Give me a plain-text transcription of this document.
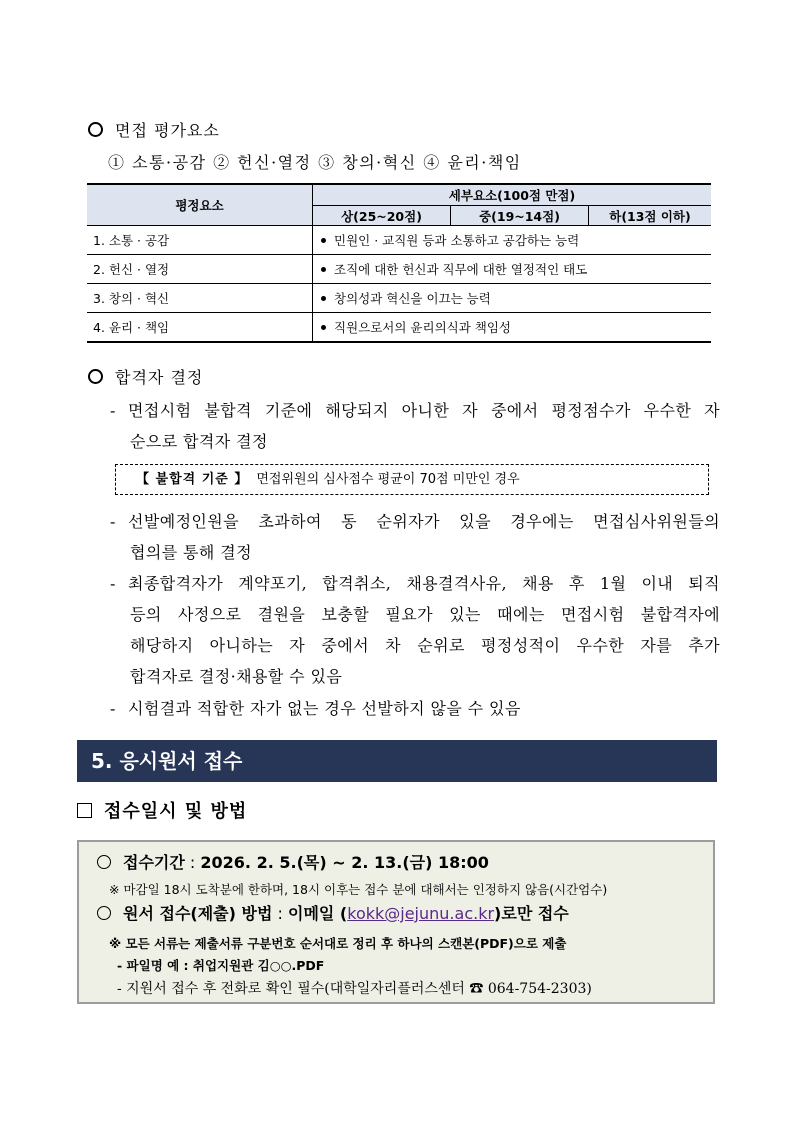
면접 평가요소
① 소통·공감 ② 헌신·열정 ③ 창의·혁신 ④ 윤리·책임
평정요소	세부요소(100점 만점)		
	상(25~20점)	중(19~14점)	하(13점 이하)
1. 소통 · 공감	민원인 · 교직원 등과 소통하고 공감하는 능력		
2. 헌신 · 열정	조직에 대한 헌신과 직무에 대한 열정적인 태도		
3. 창의 · 혁신	창의성과 혁신을 이끄는 능력		
4. 윤리 · 책임	직원으로서의 윤리의식과 책임성		
합격자 결정
- 면접시험 불합격 기준에 해당되지 아니한 자 중에서 평정점수가 우수한 자
순으로 합격자 결정
【 불합격 기준 】 면접위원의 심사점수 평균이 70점 미만인 경우
- 선발예정인원을 초과하여 동 순위자가 있을 경우에는 면접심사위원들의
협의를 통해 결정
- 최종합격자가 계약포기, 합격취소, 채용결격사유, 채용 후 1월 이내 퇴직
등의 사정으로 결원을 보충할 필요가 있는 때에는 면접시험 불합격자에
해당하지 아니하는 자 중에서 차 순위로 평정성적이 우수한 자를 추가
합격자로 결정·채용할 수 있음
- 시험결과 적합한 자가 없는 경우 선발하지 않을 수 있음
5. 응시원서 접수
접수일시 및 방법
접수기간 : 2026. 2. 5.(목) ~ 2. 13.(금) 18:00
※ 마감일 18시 도착분에 한하며, 18시 이후는 접수 분에 대해서는 인정하지 않음(시간엄수)
원서 접수(제출) 방법 : 이메일 (kokk@jejunu.ac.kr)로만 접수
※ 모든 서류는 제출서류 구분번호 순서대로 정리 후 하나의 스캔본(PDF)으로 제출
- 파일명 예 : 취업지원관 김○○.PDF
- 지원서 접수 후 전화로 확인 필수(대학일자리플러스센터 ☎ 064-754-2303)
